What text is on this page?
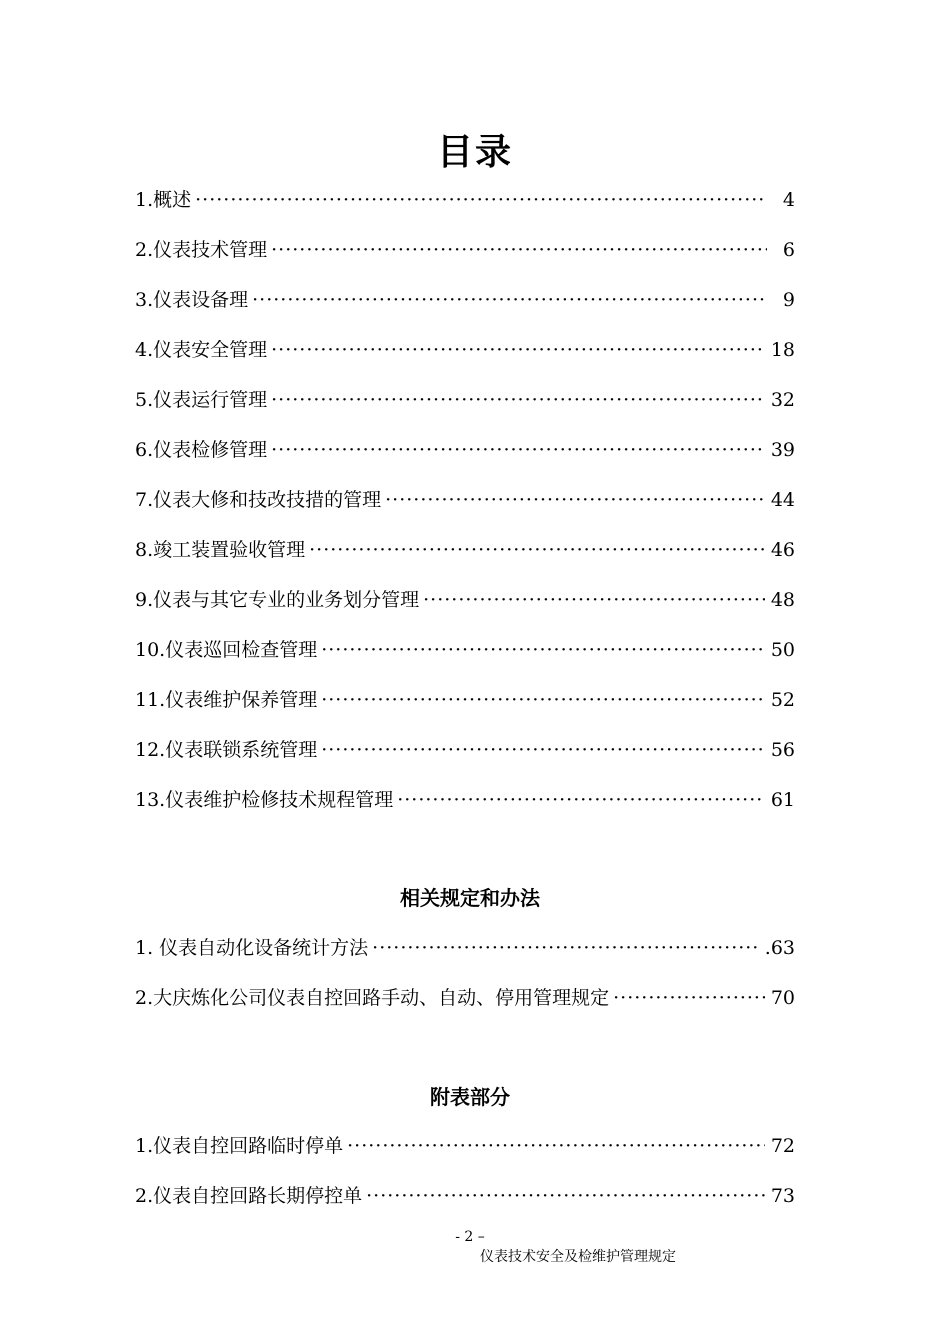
目录
1.概述 ·····	4
2.仪表技术管理 ·····	6
3.仪表设备理 ·····	9
4.仪表安全管理 ·····	18
5.仪表运行管理 ·····	32
6.仪表检修管理 ·····	39
7.仪表大修和技改技措的管理 ·····	44
8.竣工装置验收管理 ·····	46
9.仪表与其它专业的业务划分管理 ·····	48
10.仪表巡回检查管理 ·····	50
11.仪表维护保养管理 ·····	52
12.仪表联锁系统管理 ·····	56
13.仪表维护检修技术规程管理 ·····	61
相关规定和办法
1. 仪表自动化设备统计方法 ·····	.63
2.大庆炼化公司仪表自控回路手动、自动、停用管理规定 ·····	70
附表部分
1.仪表自控回路临时停单 ·····	72
2.仪表自控回路长期停控单 ·····	73
- 2 –
仪表技术安全及检维护管理规定
